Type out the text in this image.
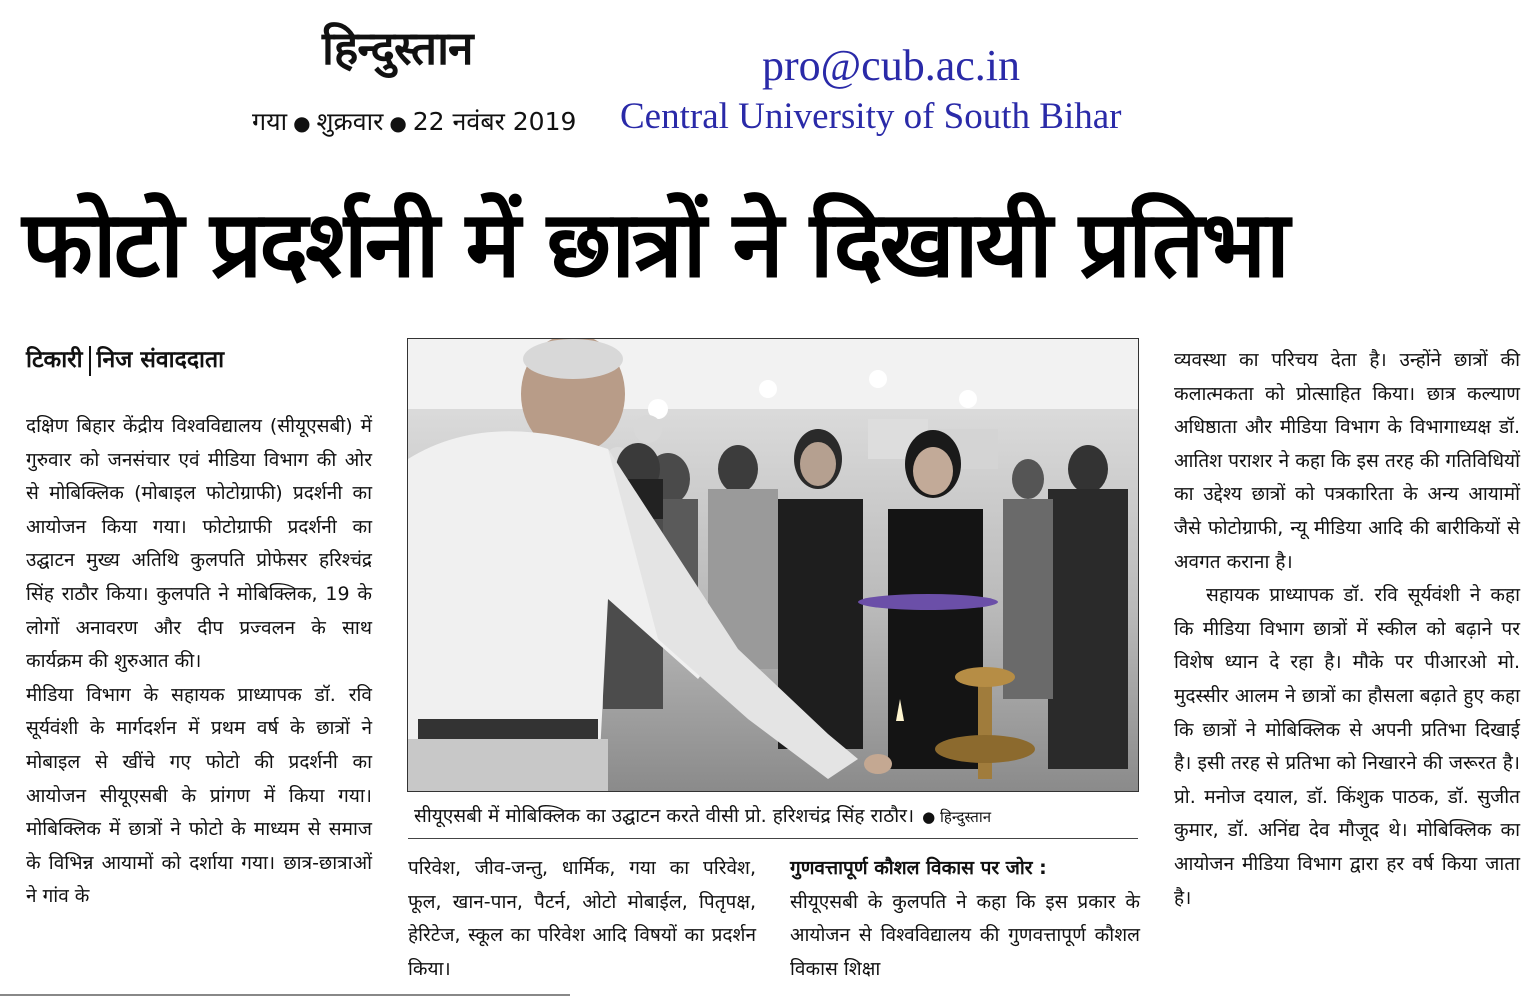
हिन्दुस्तान
गया ● शुक्रवार ● 22 नवंबर 2019
pro@cub.ac.in
Central University of South Bihar
फोटो प्रदर्शनी में छात्रों ने दिखायी प्रतिभा
टिकारी निज संवाददाता

दक्षिण बिहार केंद्रीय विश्वविद्यालय (सीयूएसबी) में गुरुवार को जनसंचार एवं मीडिया विभाग की ओर से मोबिक्लिक (मोबाइल फोटोग्राफी) प्रदर्शनी का आयोजन किया गया। फोटोग्राफी प्रदर्शनी का उद्घाटन मुख्य अतिथि कुलपति प्रोफेसर हरिश्चंद्र सिंह राठौर किया। कुलपति ने मोबिक्लिक, 19 के लोगों अनावरण और दीप प्रज्वलन के साथ कार्यक्रम की शुरुआत की।

मीडिया विभाग के सहायक प्राध्यापक डॉ. रवि सूर्यवंशी के मार्गदर्शन में प्रथम वर्ष के छात्रों ने मोबाइल से खींचे गए फोटो की प्रदर्शनी का आयोजन सीयूएसबी के प्रांगण में किया गया। मोबिक्लिक में छात्रों ने फोटो के माध्यम से समाज के विभिन्न आयामों को दर्शाया गया। छात्र-छात्राओं ने गांव के

सीयूएसबी में मोबिक्लिक का उद्घाटन करते वीसी प्रो. हरिशचंद्र सिंह राठौर। ● हिन्दुस्तान

परिवेश, जीव-जन्तु, धार्मिक, गया का परिवेश, फूल, खान-पान, पैटर्न, ओटो मोबाईल, पितृपक्ष, हेरिटेज, स्कूल का परिवेश आदि विषयों का प्रदर्शन किया।

गुणवत्तापूर्ण कौशल विकास पर जोर :

सीयूएसबी के कुलपति ने कहा कि इस प्रकार के आयोजन से विश्वविद्यालय की गुणवत्तापूर्ण कौशल विकास शिक्षा

व्यवस्था का परिचय देता है। उन्होंने छात्रों की कलात्मकता को प्रोत्साहित किया। छात्र कल्याण अधिष्ठाता और मीडिया विभाग के विभागाध्यक्ष डॉ. आतिश पराशर ने कहा कि इस तरह की गतिविधियों का उद्देश्य छात्रों को पत्रकारिता के अन्य आयामों जैसे फोटोग्राफी, न्यू मीडिया आदि की बारीकियों से अवगत कराना है।

सहायक प्राध्यापक डॉ. रवि सूर्यवंशी ने कहा कि मीडिया विभाग छात्रों में स्कील को बढ़ाने पर विशेष ध्यान दे रहा है। मौके पर पीआरओ मो. मुदस्सीर आलम ने छात्रों का हौसला बढ़ाते हुए कहा कि छात्रों ने मोबिक्लिक से अपनी प्रतिभा दिखाई है। इसी तरह से प्रतिभा को निखारने की जरूरत है। प्रो. मनोज दयाल, डॉ. किंशुक पाठक, डॉ. सुजीत कुमार, डॉ. अनिंद्य देव मौजूद थे। मोबिक्लिक का आयोजन मीडिया विभाग द्वारा हर वर्ष किया जाता है।
